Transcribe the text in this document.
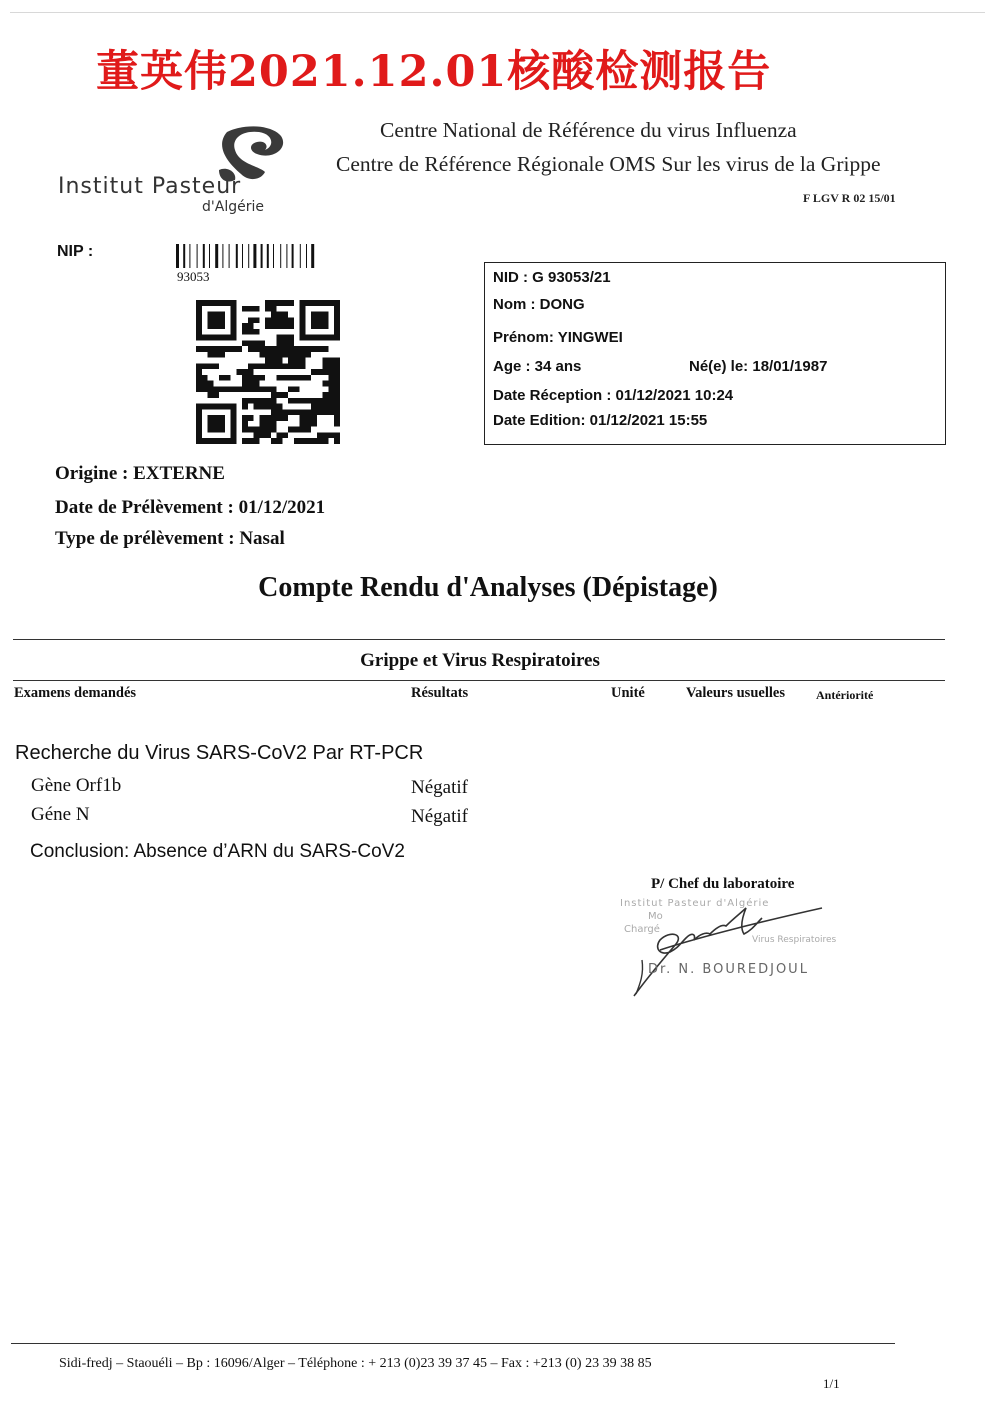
董英伟2021.12.01核酸检测报告
Institut Pasteur
d'Algérie
Centre National de Référence du virus Influenza
Centre de Référence Régionale OMS Sur les virus de la Grippe
F LGV R 02 15/01
NIP :
93053	NID : G 93053/21
Nom : DONG
Prénom: YINGWEI
Age : 34 ans	Né(e) le: 18/01/1987
Date Réception : 01/12/2021 10:24
Date Edition: 01/12/2021 15:55
Origine : EXTERNE
Date de Prélèvement : 01/12/2021
Type de prélèvement : Nasal
Compte Rendu d'Analyses (Dépistage)
Grippe et Virus Respiratoires
Examens demandés	Résultats	Unité	Valeurs usuelles	Antériorité
Recherche du Virus SARS-CoV2 Par RT-PCR
Gène Orf1b	Négatif
Géne N	Négatif
Conclusion: Absence d’ARN du SARS-CoV2
P/ Chef du laboratoire
Institut Pasteur d'Algérie
Mo
Chargé
Virus Respiratoires
Dr. N. BOUREDJOUL
Sidi-fredj – Staouéli – Bp : 16096/Alger – Téléphone : + 213 (0)23 39 37 45 – Fax : +213 (0) 23 39 38 85
1/1
